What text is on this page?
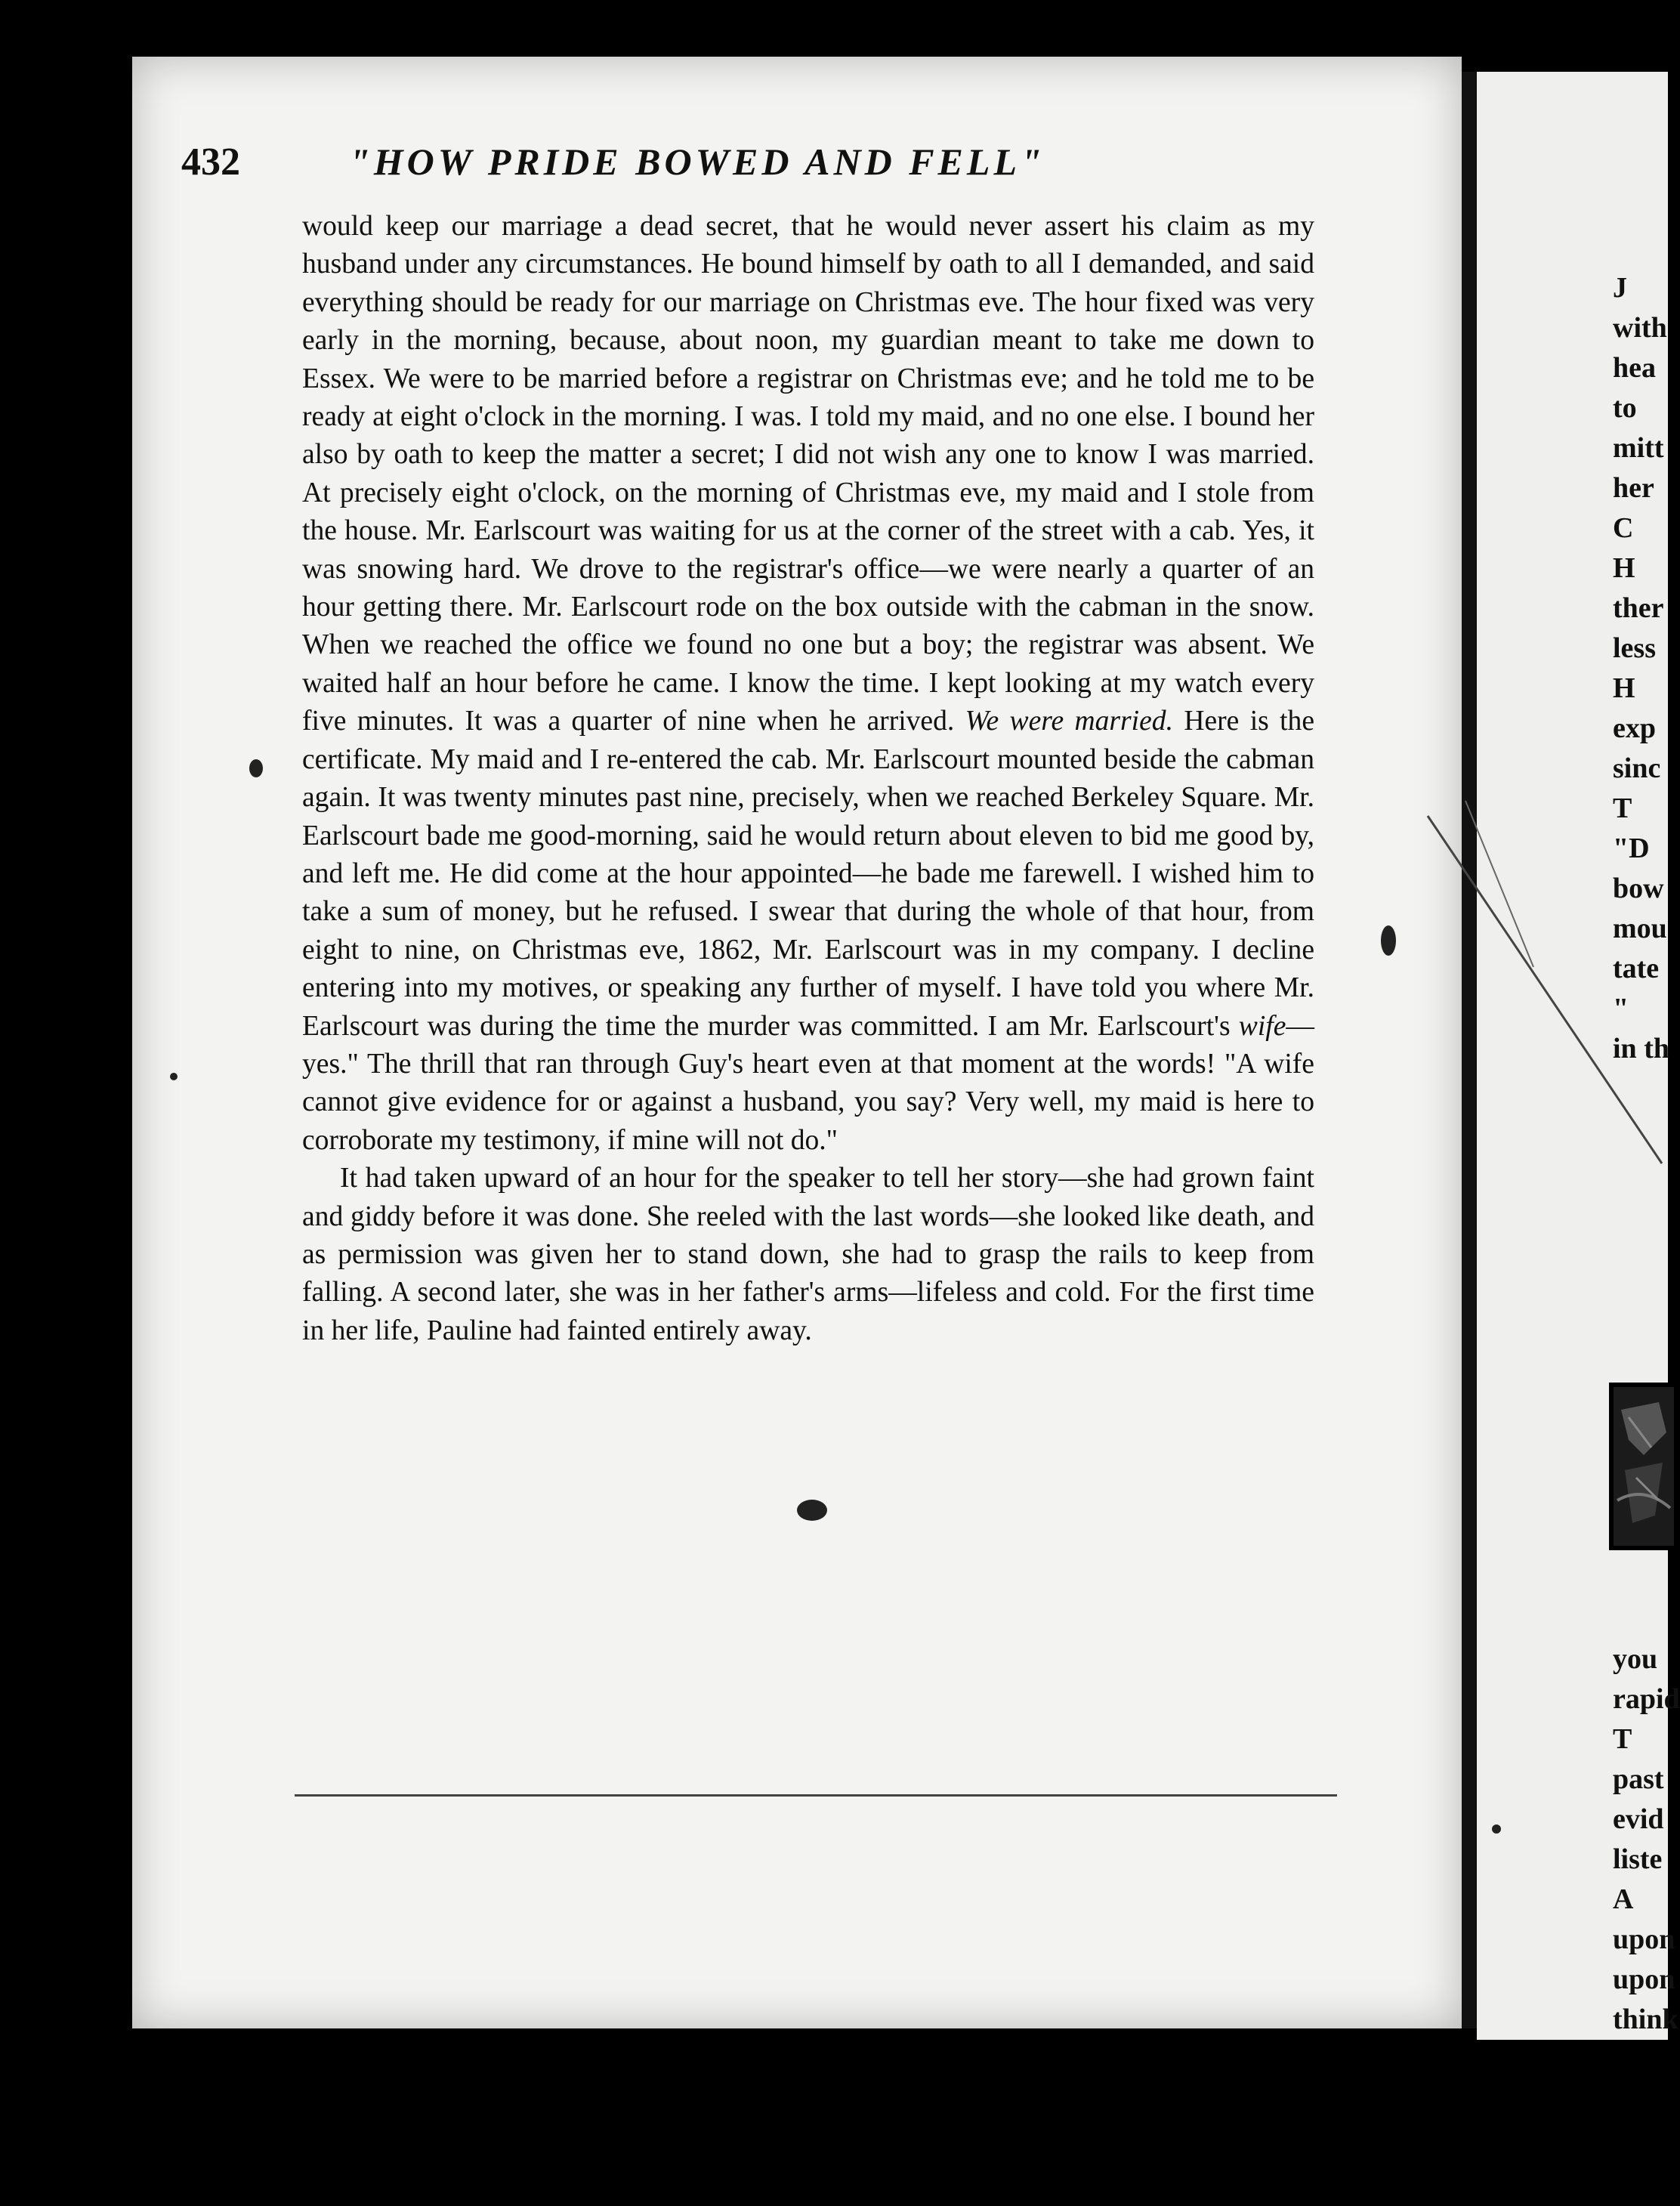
432	"HOW PRIDE BOWED AND FELL"

would keep our marriage a dead secret, that he would never assert his claim as my husband under any circumstances. He bound himself by oath to all I demanded, and said everything should be ready for our marriage on Christmas eve. The hour fixed was very early in the morning, because, about noon, my guardian meant to take me down to Essex. We were to be married before a registrar on Christmas eve; and he told me to be ready at eight o'clock in the morning. I was. I told my maid, and no one else. I bound her also by oath to keep the matter a secret; I did not wish any one to know I was married. At precisely eight o'clock, on the morning of Christmas eve, my maid and I stole from the house. Mr. Earlscourt was waiting for us at the corner of the street with a cab. Yes, it was snowing hard. We drove to the registrar's office—we were nearly a quarter of an hour getting there. Mr. Earlscourt rode on the box outside with the cabman in the snow. When we reached the office we found no one but a boy; the registrar was absent. We waited half an hour before he came. I know the time. I kept looking at my watch every five minutes. It was a quarter of nine when he arrived. We were married. Here is the certificate. My maid and I re-entered the cab. Mr. Earlscourt mounted beside the cabman again. It was twenty minutes past nine, precisely, when we reached Berkeley Square. Mr. Earlscourt bade me good-morning, said he would return about eleven to bid me good by, and left me. He did come at the hour appointed—he bade me farewell. I wished him to take a sum of money, but he refused. I swear that during the whole of that hour, from eight to nine, on Christmas eve, 1862, Mr. Earlscourt was in my company. I decline entering into my motives, or speaking any further of myself. I have told you where Mr. Earlscourt was during the time the murder was committed. I am Mr. Earlscourt's wife—yes." The thrill that ran through Guy's heart even at that moment at the words! "A wife cannot give evidence for or against a husband, you say? Very well, my maid is here to corroborate my testimony, if mine will not do."

It had taken upward of an hour for the speaker to tell her story—she had grown faint and giddy before it was done. She reeled with the last words—she looked like death, and as permission was given her to stand down, she had to grasp the rails to keep from falling. A second later, she was in her father's arms—lifeless and cold. For the first time in her life, Pauline had fainted entirely away.

J
with
hea
to
mitt
her
C
H
ther
less
H
exp
sinc
T
"D
bow
mou
tate
"
in th
you
rapid
T
past
evid
liste
A
upon
upon
think
